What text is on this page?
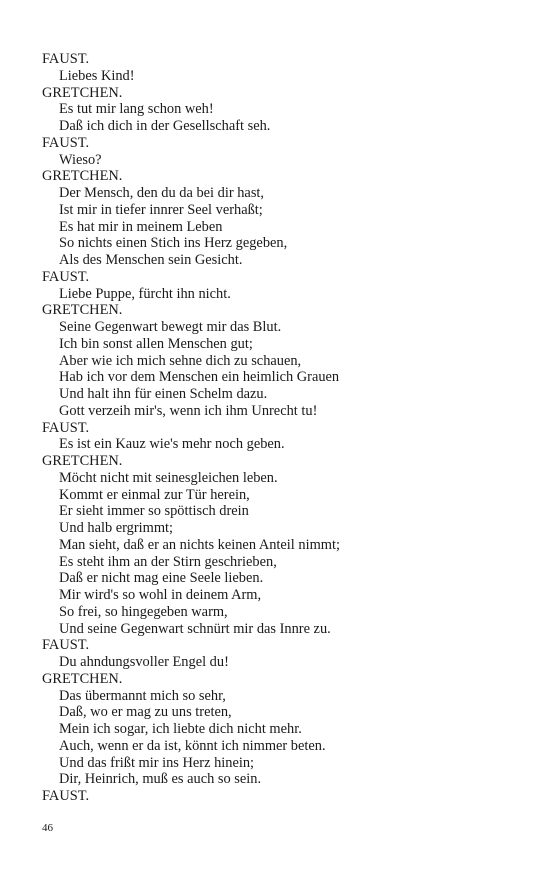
FAUST.
Liebes Kind!
GRETCHEN.
Es tut mir lang schon weh!
Daß ich dich in der Gesellschaft seh.
FAUST.
Wieso?
GRETCHEN.
Der Mensch, den du da bei dir hast,
Ist mir in tiefer innrer Seel verhaßt;
Es hat mir in meinem Leben
So nichts einen Stich ins Herz gegeben,
Als des Menschen sein Gesicht.
FAUST.
Liebe Puppe, fürcht ihn nicht.
GRETCHEN.
Seine Gegenwart bewegt mir das Blut.
Ich bin sonst allen Menschen gut;
Aber wie ich mich sehne dich zu schauen,
Hab ich vor dem Menschen ein heimlich Grauen
Und halt ihn für einen Schelm dazu.
Gott verzeih mir's, wenn ich ihm Unrecht tu!
FAUST.
Es ist ein Kauz wie's mehr noch geben.
GRETCHEN.
Möcht nicht mit seinesgleichen leben.
Kommt er einmal zur Tür herein,
Er sieht immer so spöttisch drein
Und halb ergrimmt;
Man sieht, daß er an nichts keinen Anteil nimmt;
Es steht ihm an der Stirn geschrieben,
Daß er nicht mag eine Seele lieben.
Mir wird's so wohl in deinem Arm,
So frei, so hingegeben warm,
Und seine Gegenwart schnürt mir das Innre zu.
FAUST.
Du ahndungsvoller Engel du!
GRETCHEN.
Das übermannt mich so sehr,
Daß, wo er mag zu uns treten,
Mein ich sogar, ich liebte dich nicht mehr.
Auch, wenn er da ist, könnt ich nimmer beten.
Und das frißt mir ins Herz hinein;
Dir, Heinrich, muß es auch so sein.
FAUST.
46
